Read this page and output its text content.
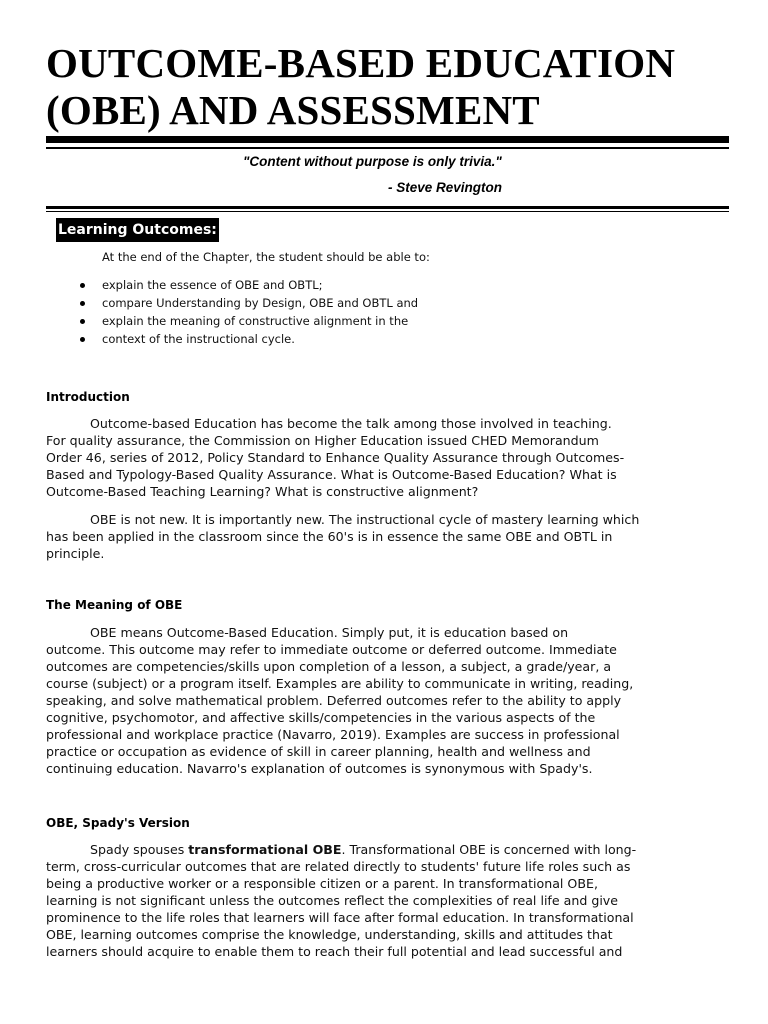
OUTCOME-BASED EDUCATION
(OBE) AND ASSESSMENT
"Content without purpose is only trivia."
- Steve Revington
Learning Outcomes:
At the end of the Chapter, the student should be able to:
explain the essence of OBE and OBTL;
compare Understanding by Design, OBE and OBTL and
explain the meaning of constructive alignment in the
context of the instructional cycle.
Introduction
Outcome-based Education has become the talk among those involved in teaching.
For quality assurance, the Commission on Higher Education issued CHED Memorandum
Order 46, series of 2012, Policy Standard to Enhance Quality Assurance through Outcomes-
Based and Typology-Based Quality Assurance. What is Outcome-Based Education? What is
Outcome-Based Teaching Learning? What is constructive alignment?
OBE is not new. It is importantly new. The instructional cycle of mastery learning which
has been applied in the classroom since the 60's is in essence the same OBE and OBTL in
principle.
The Meaning of OBE
OBE means Outcome-Based Education. Simply put, it is education based on
outcome. This outcome may refer to immediate outcome or deferred outcome. Immediate
outcomes are competencies/skills upon completion of a lesson, a subject, a grade/year, a
course (subject) or a program itself. Examples are ability to communicate in writing, reading,
speaking, and solve mathematical problem. Deferred outcomes refer to the ability to apply
cognitive, psychomotor, and affective skills/competencies in the various aspects of the
professional and workplace practice (Navarro, 2019). Examples are success in professional
practice or occupation as evidence of skill in career planning, health and wellness and
continuing education. Navarro's explanation of outcomes is synonymous with Spady's.
OBE, Spady's Version
Spady spouses transformational OBE. Transformational OBE is concerned with long-
term, cross-curricular outcomes that are related directly to students' future life roles such as
being a productive worker or a responsible citizen or a parent. In transformational OBE,
learning is not significant unless the outcomes reflect the complexities of real life and give
prominence to the life roles that learners will face after formal education. In transformational
OBE, learning outcomes comprise the knowledge, understanding, skills and attitudes that
learners should acquire to enable them to reach their full potential and lead successful and
